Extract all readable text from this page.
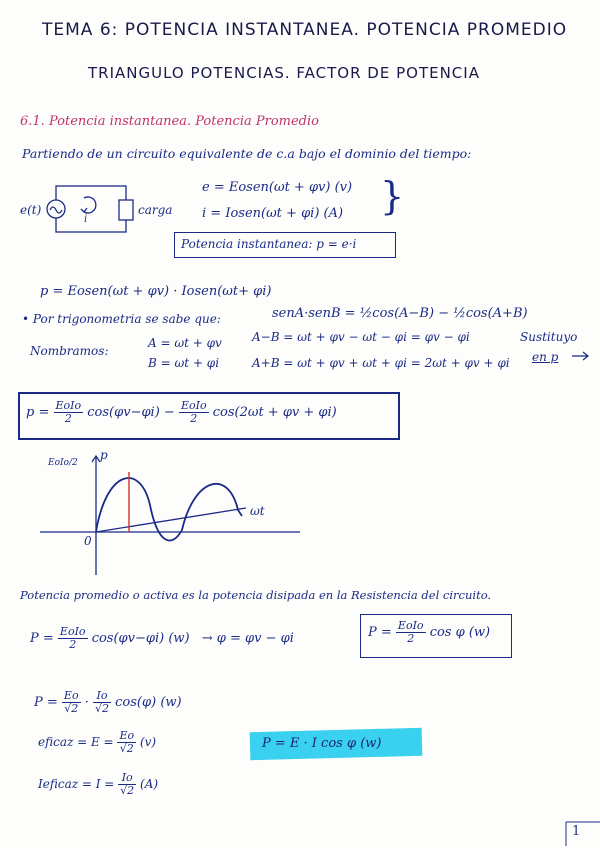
TEMA 6: POTENCIA INSTANTANEA. POTENCIA PROMEDIO
TRIANGULO POTENCIAS. FACTOR DE POTENCIA
6.1. Potencia instantanea. Potencia Promedio
Partiendo de un circuito equivalente de c.a bajo el dominio del tiempo:
e(t)
i
carga
e = Eosen(ωt + φv) (v)
i = Iosen(ωt + φi) (A) }
Potencia instantanea: p = e·i
p = Eosen(ωt + φv) · Iosen(ωt+ φi)
• Por trigonometria se sabe que:	senA·senB = ½cos(A−B) − ½cos(A+B)
Nombramos:
A = ωt + φv
B = ωt + φi
A−B = ωt + φv − ωt − φi = φv − φi
A+B = ωt + φv + ωt + φi = 2ωt + φv + φi
Sustituyo
en p
$p = \frac{\text{EoIo}}{2} \cos(\varphi v-\varphi i) - \frac{\text{EoIo}}{2} \cos(2\omega t + \varphi v + \varphi i)$
p
EoIo/2
ωt
0
Potencia promedio o activa es la potencia disipada en la Resistencia del circuito.
$P = \frac{\text{EoIo}}{2} \cos(\varphi v-\varphi i) (w) \to \varphi = \varphi v - \varphi i$	$P = \frac{\text{EoIo}}{2}$ cos φ (w)
$P = \frac{Eo}{√2} \cdot \frac{Io}{√2} \cos(\varphi)$ (w)
eficaz = $E = \frac{Eo}{√2} (v)$	P = E · I cos φ (w)
Ieficaz = $I = \frac{Io}{√2} (A)$
1
